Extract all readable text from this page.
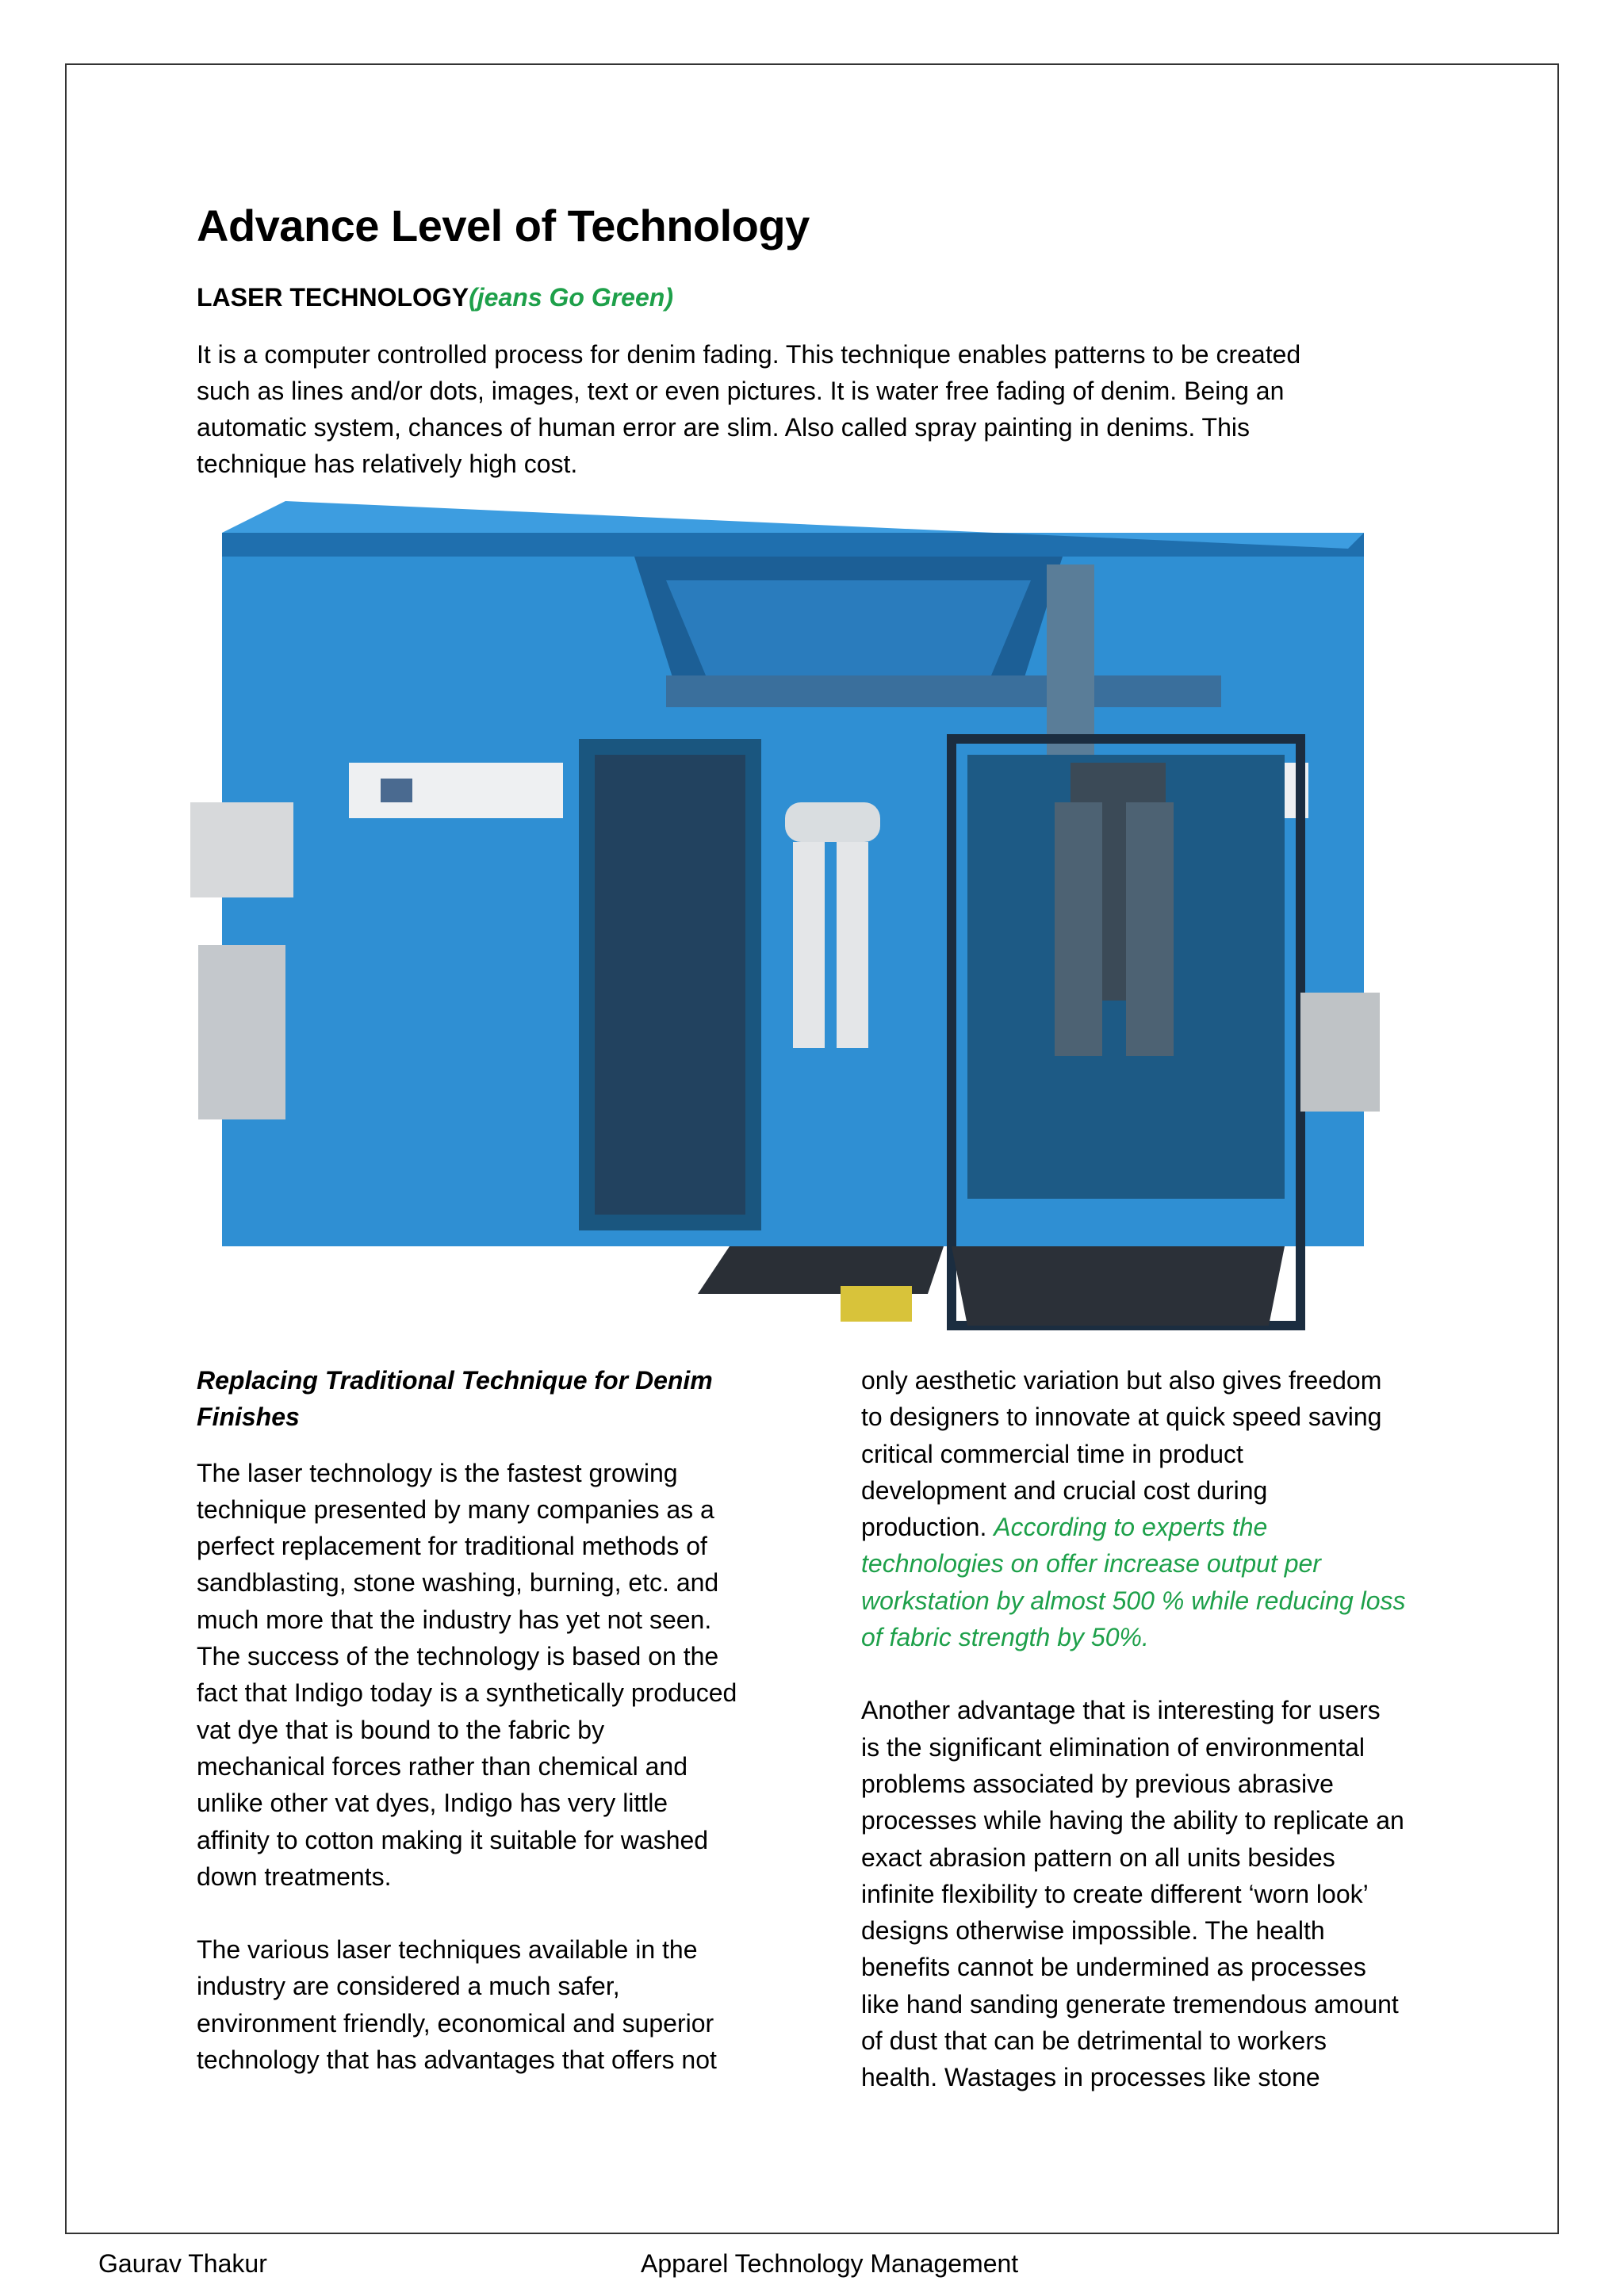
Advance Level of Technology

LASER TECHNOLOGY(jeans Go Green)

It is a computer controlled process for denim fading. This technique enables patterns to be created
such as lines and/or dots, images, text or even pictures. It is water free fading of denim. Being an
automatic system, chances of human error are slim. Also called spray painting in denims. This
technique has relatively high cost.

Replacing Traditional Technique for Denim
Finishes

The laser technology is the fastest growing
technique presented by many companies as a
perfect replacement for traditional methods of
sandblasting, stone washing, burning, etc. and
much more that the industry has yet not seen.
The success of the technology is based on the
fact that Indigo today is a synthetically produced
vat dye that is bound to the fabric by
mechanical forces rather than chemical and
unlike other vat dyes, Indigo has very little
affinity to cotton making it suitable for washed
down treatments.

The various laser techniques available in the
industry are considered a much safer,
environment friendly, economical and superior
technology that has advantages that offers not

only aesthetic variation but also gives freedom
to designers to innovate at quick speed saving
critical commercial time in product
development and crucial cost during
production. According to experts the
technologies on offer increase output per
workstation by almost 500 % while reducing loss
of fabric strength by 50%.

Another advantage that is interesting for users
is the significant elimination of environmental
problems associated by previous abrasive
processes while having the ability to replicate an
exact abrasion pattern on all units besides
infinite flexibility to create different ‘worn look’
designs otherwise impossible. The health
benefits cannot be undermined as processes
like hand sanding generate tremendous amount
of dust that can be detrimental to workers
health. Wastages in processes like stone

Gaurav Thakur	Apparel Technology Management
